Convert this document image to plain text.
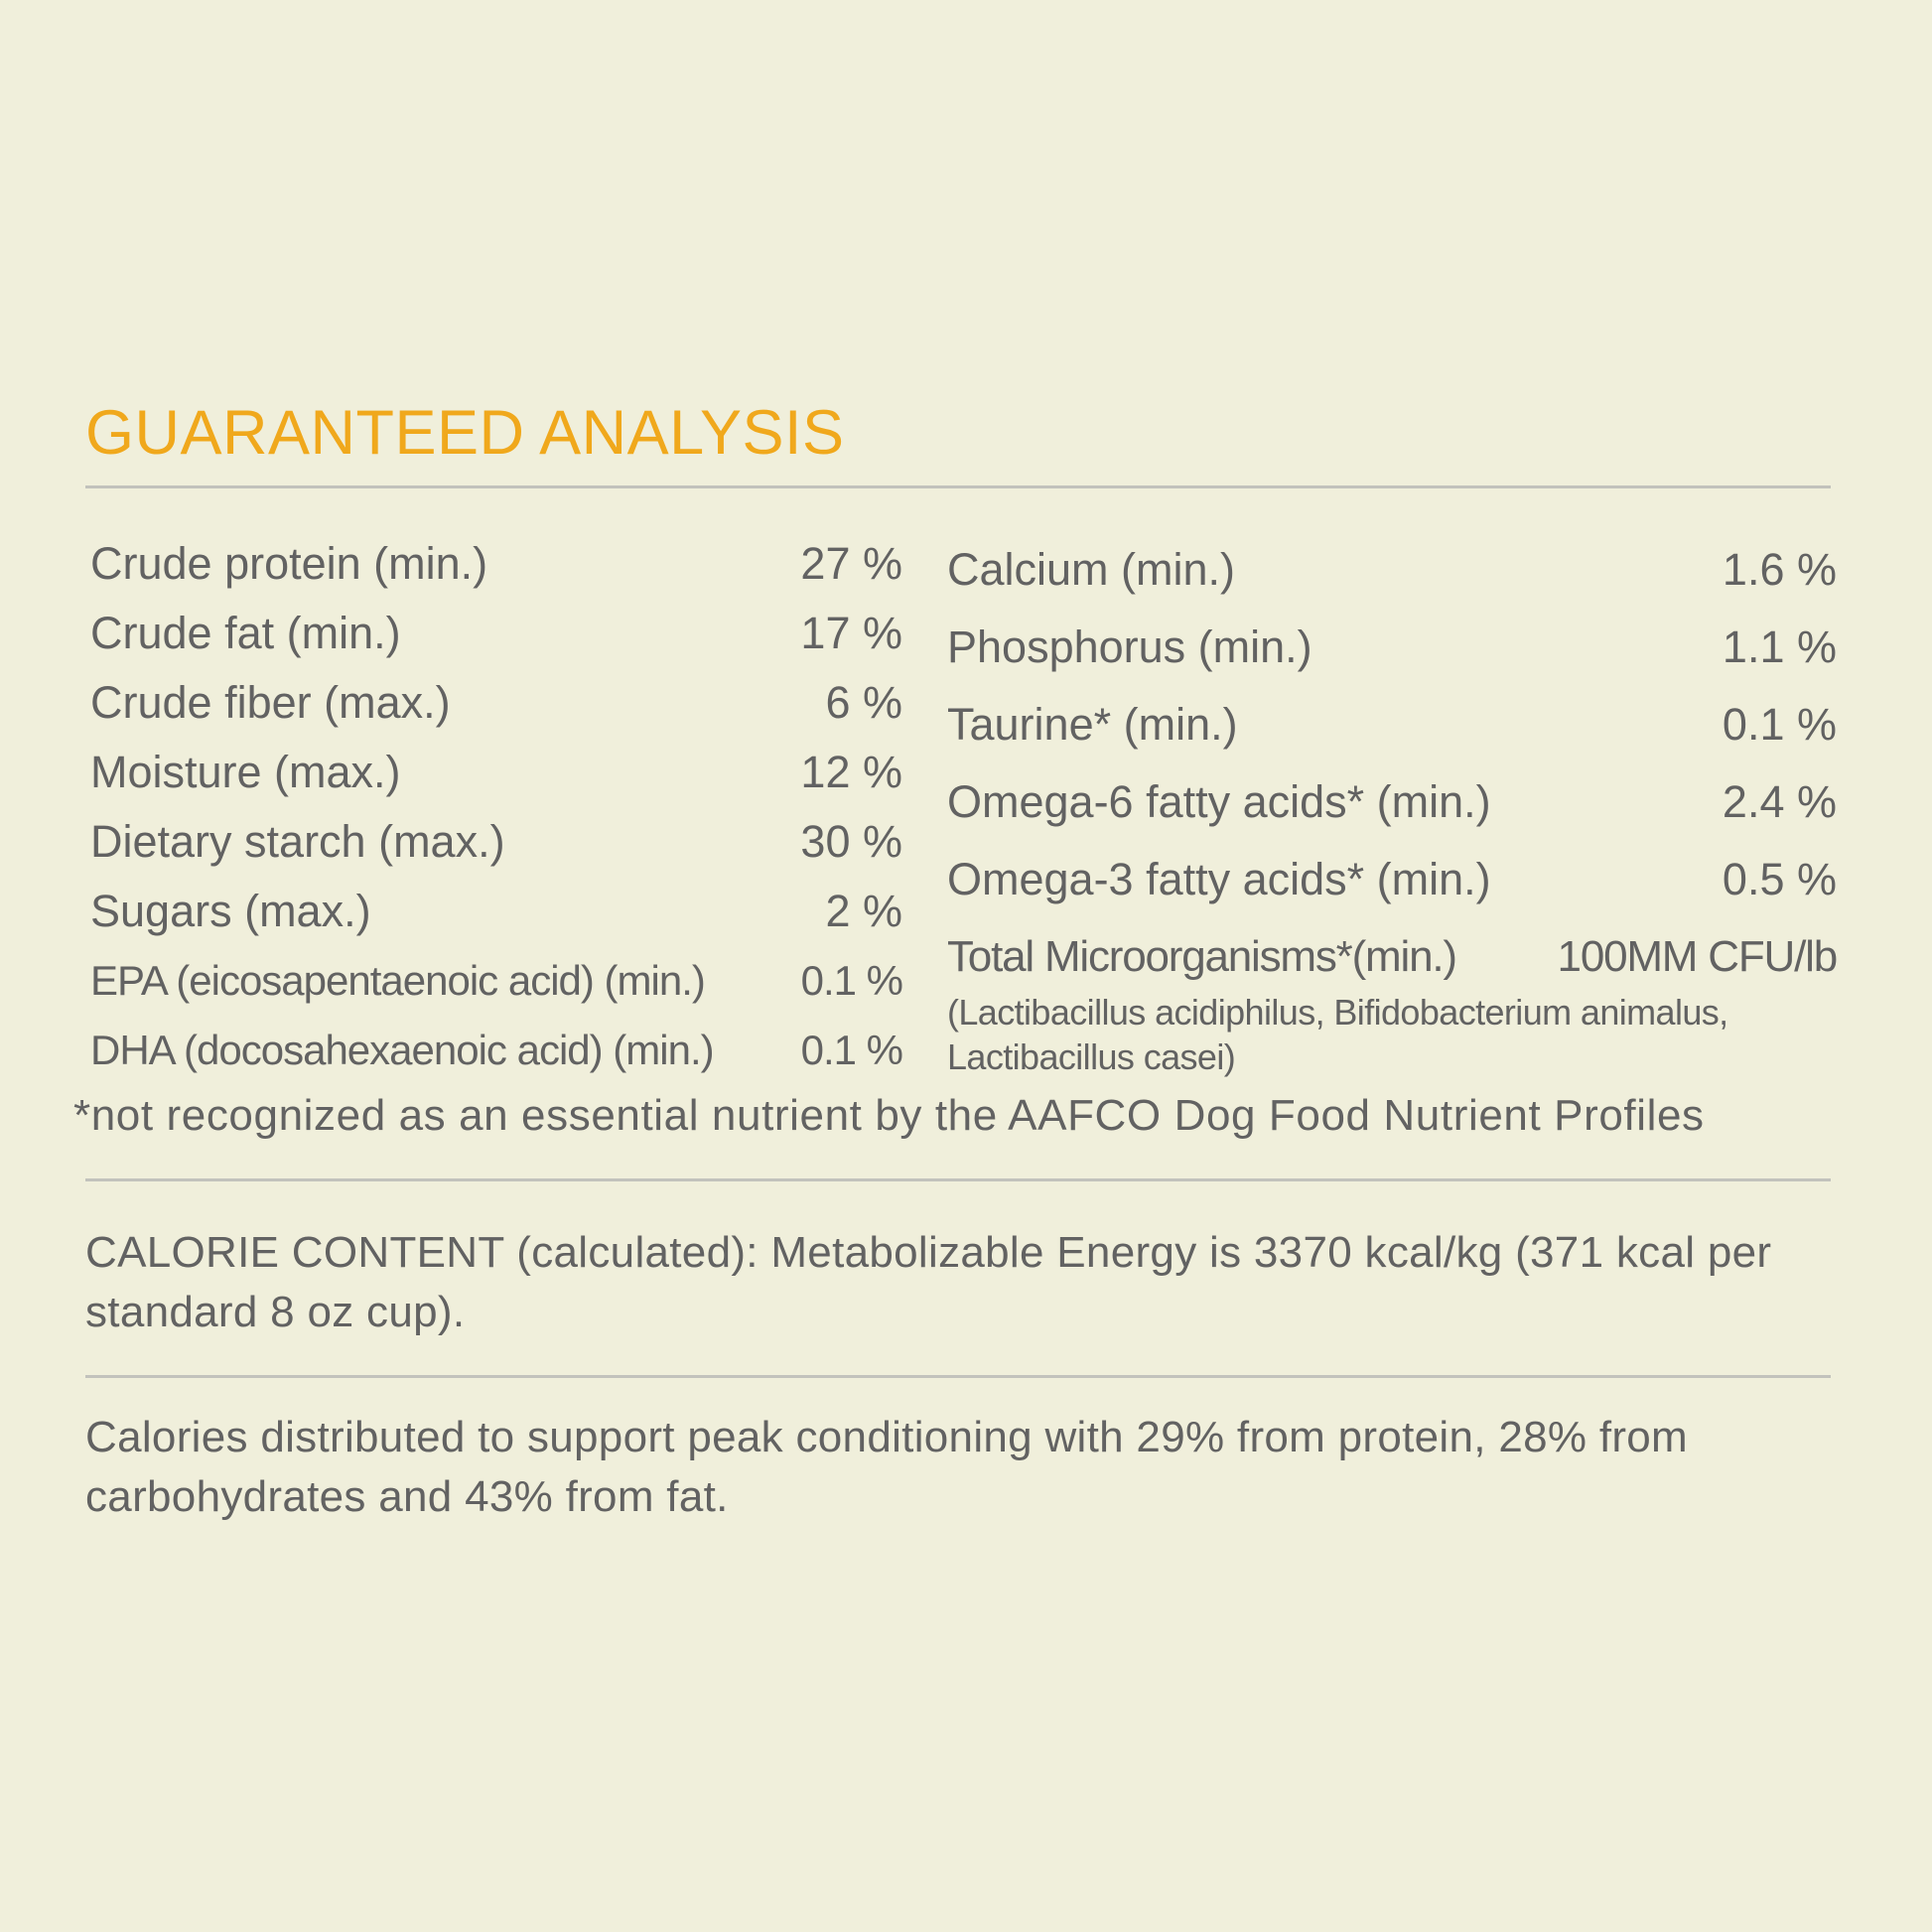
GUARANTEED ANALYSIS
Crude protein (min.)	27 %
Crude fat (min.)	17 %
Crude fiber (max.)	6 %
Moisture (max.)	12 %
Dietary starch (max.)	30 %
Sugars (max.)	2 %
EPA (eicosapentaenoic acid) (min.) 0.1 %
DHA (docosahexaenoic acid) (min.) 0.1 %
Calcium (min.)	1.6 %
Phosphorus (min.)	1.1 %
Taurine* (min.)	0.1 %
Omega-6 fatty acids* (min.)	2.4 %
Omega-3 fatty acids* (min.)	0.5 %
Total Microorganisms*(min.) 100MM CFU/lb
(Lactibacillus acidiphilus, Bifidobacterium animalus,
Lactibacillus casei)
*not recognized as an essential nutrient by the AAFCO Dog Food Nutrient Profiles
CALORIE CONTENT (calculated): Metabolizable Energy is 3370 kcal/kg (371 kcal per standard 8 oz cup).
Calories distributed to support peak conditioning with 29% from protein, 28% from carbohydrates and 43% from fat.
